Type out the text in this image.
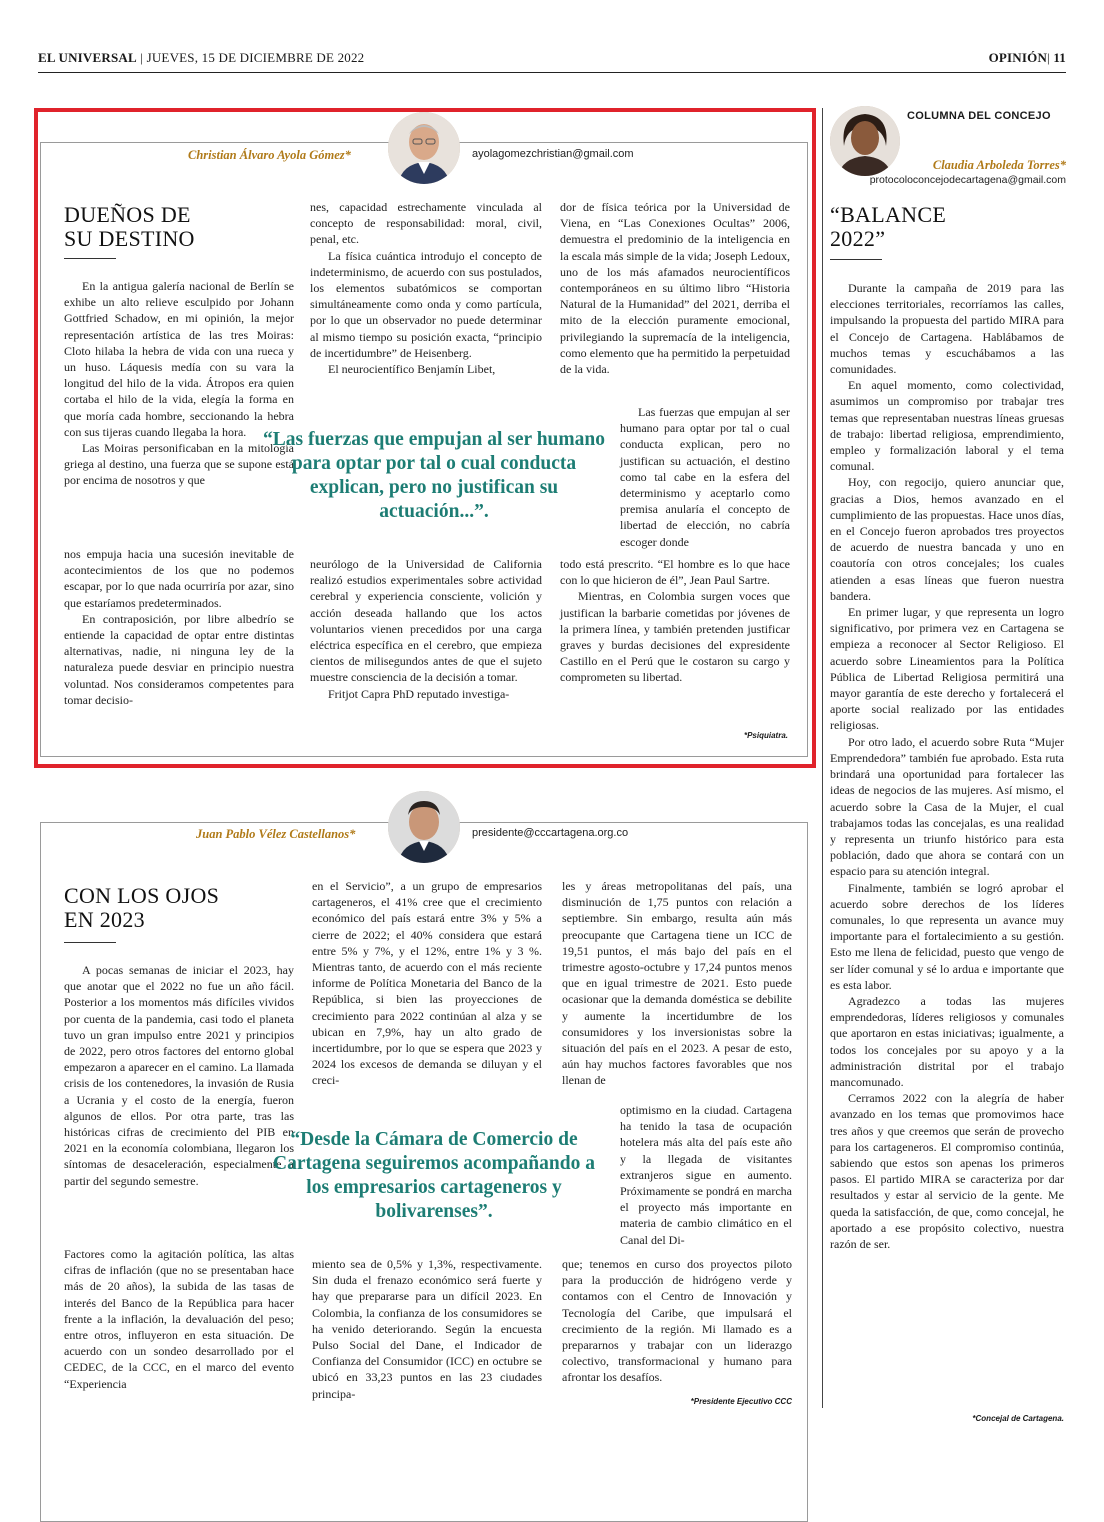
EL UNIVERSAL | JUEVES, 15 DE DICIEMBRE DE 2022	OPINIÓN| 11
Christian Álvaro Ayola Gómez*	ayolagomezchristian@gmail.com
DUEÑOS DE
SU DESTINO

En la antigua galería nacional de Berlín se exhibe un alto relieve esculpido por Johann Gottfried Schadow, en mi opinión, la mejor representación artística de las tres Moiras: Cloto hilaba la hebra de vida con una rueca y un huso. Láquesis medía con su vara la longitud del hilo de la vida. Átropos era quien cortaba el hilo de la vida, elegía la forma en que moría cada hombre, seccionando la hebra con sus tijeras cuando llegaba la hora.

Las Moiras personificaban en la mitología griega al destino, una fuerza que se supone está por encima de nosotros y que

nos empuja hacia una sucesión inevitable de acontecimientos de los que no podemos escapar, por lo que nada ocurriría por azar, sino que estaríamos predeterminados.

En contraposición, por libre albedrío se entiende la capacidad de optar entre distintas alternativas, nadie, ni ninguna ley de la naturaleza puede desviar en principio nuestra voluntad. Nos consideramos competentes para tomar decisio-

nes, capacidad estrechamente vinculada al concepto de responsabilidad: moral, civil, penal, etc.

La física cuántica introdujo el concepto de indeterminismo, de acuerdo con sus postulados, los elementos subatómicos se comportan simultáneamente como onda y como partícula, por lo que un observador no puede determinar al mismo tiempo su posición exacta, “principio de incertidumbre” de Heisenberg.

El neurocientífico Benjamín Libet,

neurólogo de la Universidad de California realizó estudios experimentales sobre actividad cerebral y experiencia consciente, volición y acción deseada hallando que los actos voluntarios vienen precedidos por una carga eléctrica específica en el cerebro, que empieza cientos de milisegundos antes de que el sujeto muestre consciencia de la decisión a tomar.

Fritjot Capra PhD reputado investiga-

dor de física teórica por la Universidad de Viena, en “Las Conexiones Ocultas” 2006, demuestra el predominio de la inteligencia en la escala más simple de la vida; Joseph Ledoux, uno de los más afamados neurocientíficos contemporáneos en su último libro “Historia Natural de la Humanidad” del 2021, derriba el mito de la elección puramente emocional, privilegiando la supremacía de la inteligencia, como elemento que ha permitido la perpetuidad de la vida.

Las fuerzas que empujan al ser humano para optar por tal o cual conducta explican, pero no justifican su actuación, el destino como tal cabe en la esfera del determinismo y aceptarlo como premisa anularía el concepto de libertad de elección, no cabría escoger donde

todo está prescrito. “El hombre es lo que hace con lo que hicieron de él”, Jean Paul Sartre.

Mientras, en Colombia surgen voces que justifican la barbarie cometidas por jóvenes de la primera línea, y también pretenden justificar graves y burdas decisiones del expresidente Castillo en el Perú que le costaron su cargo y comprometen su libertad.

“Las fuerzas que empujan al ser humano para optar por tal o cual conducta explican, pero no justifican su actuación...”.
*Psiquiatra.
Juan Pablo Vélez Castellanos*	presidente@cccartagena.org.co
CON LOS OJOS
EN 2023

A pocas semanas de iniciar el 2023, hay que anotar que el 2022 no fue un año fácil. Posterior a los momentos más difíciles vividos por cuenta de la pandemia, casi todo el planeta tuvo un gran impulso entre 2021 y principios de 2022, pero otros factores del entorno global empezaron a aparecer en el camino. La llamada crisis de los contenedores, la invasión de Rusia a Ucrania y el costo de la energía, fueron algunos de ellos. Por otra parte, tras las históricas cifras de crecimiento del PIB en 2021 en la economía colombiana, llegaron los síntomas de desaceleración, especialmente a partir del segundo semestre.

Factores como la agitación política, las altas cifras de inflación (que no se presentaban hace más de 20 años), la subida de las tasas de interés del Banco de la República para hacer frente a la inflación, la devaluación del peso; entre otros, influyeron en esta situación. De acuerdo con un sondeo desarrollado por el CEDEC, de la CCC, en el marco del evento “Experiencia

en el Servicio”, a un grupo de empresarios cartageneros, el 41% cree que el crecimiento económico del país estará entre 3% y 5% a cierre de 2022; el 40% considera que estará entre 5% y 7%, y el 12%, entre 1% y 3 %. Mientras tanto, de acuerdo con el más reciente informe de Política Monetaria del Banco de la República, si bien las proyecciones de crecimiento para 2022 continúan al alza y se ubican en 7,9%, hay un alto grado de incertidumbre, por lo que se espera que 2023 y 2024 los excesos de demanda se diluyan y el creci-

miento sea de 0,5% y 1,3%, respectivamente. Sin duda el frenazo económico será fuerte y hay que prepararse para un difícil 2023. En Colombia, la confianza de los consumidores se ha venido deteriorando. Según la encuesta Pulso Social del Dane, el Indicador de Confianza del Consumidor (ICC) en octubre se ubicó en 33,23 puntos en las 23 ciudades principa-

les y áreas metropolitanas del país, una disminución de 1,75 puntos con relación a septiembre. Sin embargo, resulta aún más preocupante que Cartagena tiene un ICC de 19,51 puntos, el más bajo del país en el trimestre agosto-octubre y 17,24 puntos menos que en igual trimestre de 2021. Esto puede ocasionar que la demanda doméstica se debilite y aumente la incertidumbre de los consumidores y los inversionistas sobre la situación del país en el 2023. A pesar de esto, aún hay muchos factores favorables que nos llenan de

optimismo en la ciudad. Cartagena ha tenido la tasa de ocupación hotelera más alta del país este año y la llegada de visitantes extranjeros sigue en aumento. Próximamente se pondrá en marcha el proyecto más importante en materia de cambio climático en el Canal del Di-

que; tenemos en curso dos proyectos piloto para la producción de hidrógeno verde y contamos con el Centro de Innovación y Tecnología del Caribe, que impulsará el crecimiento de la región. Mi llamado es a prepararnos y trabajar con un liderazgo colectivo, transformacional y humano para afrontar los desafíos.

“Desde la Cámara de Comercio de Cartagena seguiremos acompañando a los empresarios cartageneros y bolivarenses”.
*Presidente Ejecutivo CCC
COLUMNA DEL CONCEJO
Claudia Arboleda Torres*
protocoloconcejodecartagena@gmail.com
“BALANCE
2022”

Durante la campaña de 2019 para las elecciones territoriales, recorríamos las calles, impulsando la propuesta del partido MIRA para el Concejo de Cartagena. Hablábamos de muchos temas y escuchábamos a las comunidades.

En aquel momento, como colectividad, asumimos un compromiso por trabajar tres temas que representaban nuestras líneas gruesas de trabajo: libertad religiosa, emprendimiento, empleo y formalización laboral y el tema comunal.

Hoy, con regocijo, quiero anunciar que, gracias a Dios, hemos avanzado en el cumplimiento de las propuestas. Hace unos días, en el Concejo fueron aprobados tres proyectos de acuerdo de nuestra bancada y uno en coautoría con otros concejales; los cuales atienden a esas líneas que fueron nuestra bandera.

En primer lugar, y que representa un logro significativo, por primera vez en Cartagena se empieza a reconocer al Sector Religioso. El acuerdo sobre Lineamientos para la Política Pública de Libertad Religiosa permitirá una mayor garantía de este derecho y fortalecerá el aporte social realizado por las entidades religiosas.

Por otro lado, el acuerdo sobre Ruta “Mujer Emprendedora” también fue aprobado. Esta ruta brindará una oportunidad para fortalecer las ideas de negocios de las mujeres. Así mismo, el acuerdo sobre la Casa de la Mujer, el cual trabajamos todas las concejalas, es una realidad y representa un triunfo histórico para esta población, dado que ahora se contará con un espacio para su atención integral.

Finalmente, también se logró aprobar el acuerdo sobre derechos de los líderes comunales, lo que representa un avance muy importante para el fortalecimiento a su gestión. Esto me llena de felicidad, puesto que vengo de ser líder comunal y sé lo ardua e importante que es esta labor.

Agradezco a todas las mujeres emprendedoras, líderes religiosos y comunales que aportaron en estas iniciativas; igualmente, a todos los concejales por su apoyo y a la administración distrital por el trabajo mancomunado.

Cerramos 2022 con la alegría de haber avanzado en los temas que promovimos hace tres años y que creemos que serán de provecho para los cartageneros. El compromiso continúa, sabiendo que estos son apenas los primeros pasos. El partido MIRA se caracteriza por dar resultados y estar al servicio de la gente. Me queda la satisfacción, de que, como concejal, he aportado a ese propósito colectivo, nuestra razón de ser.

*Concejal de Cartagena.
